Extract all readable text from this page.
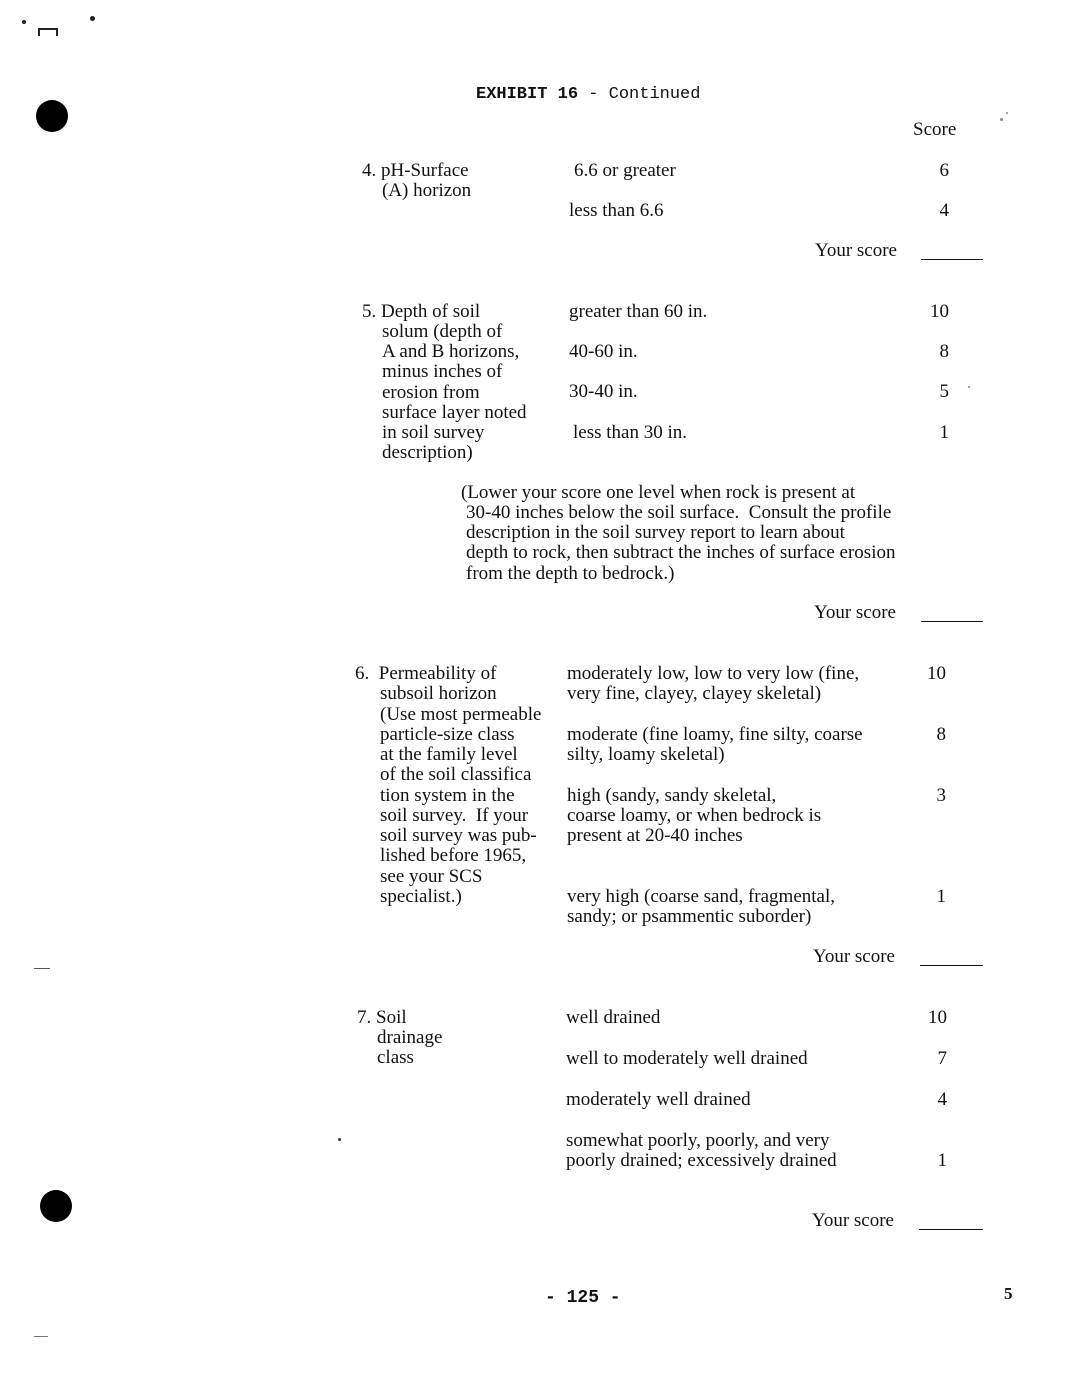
EXHIBIT 16 - Continued
Score
4. pH-Surface
(A) horizon
6.6 or greater	6
less than 6.6	4
Your score
5. Depth of soil
solum (depth of
A and B horizons,
minus inches of
erosion from
surface layer noted
in soil survey
description)
greater than 60 in.	10
40-60 in.	8
30-40 in.	5
less than 30 in.	1
(Lower your score one level when rock is present at
30-40 inches below the soil surface.  Consult the profile
description in the soil survey report to learn about
depth to rock, then subtract the inches of surface erosion
from the depth to bedrock.)
Your score
6.  Permeability of
subsoil horizon
(Use most permeable
particle-size class
at the family level
of the soil classifica
tion system in the
soil survey.  If your
soil survey was pub-
lished before 1965,
see your SCS
specialist.)
moderately low, low to very low (fine,
very fine, clayey, clayey skeletal)
10
moderate (fine loamy, fine silty, coarse
silty, loamy skeletal)
8
high (sandy, sandy skeletal,
coarse loamy, or when bedrock is
present at 20-40 inches
3
very high (coarse sand, fragmental,
sandy; or psammentic suborder)
1
Your score
7. Soil
drainage
class
well drained	10
well to moderately well drained	7
moderately well drained	4
somewhat poorly, poorly, and very
poorly drained; excessively drained	1
Your score
- 125 -	5
